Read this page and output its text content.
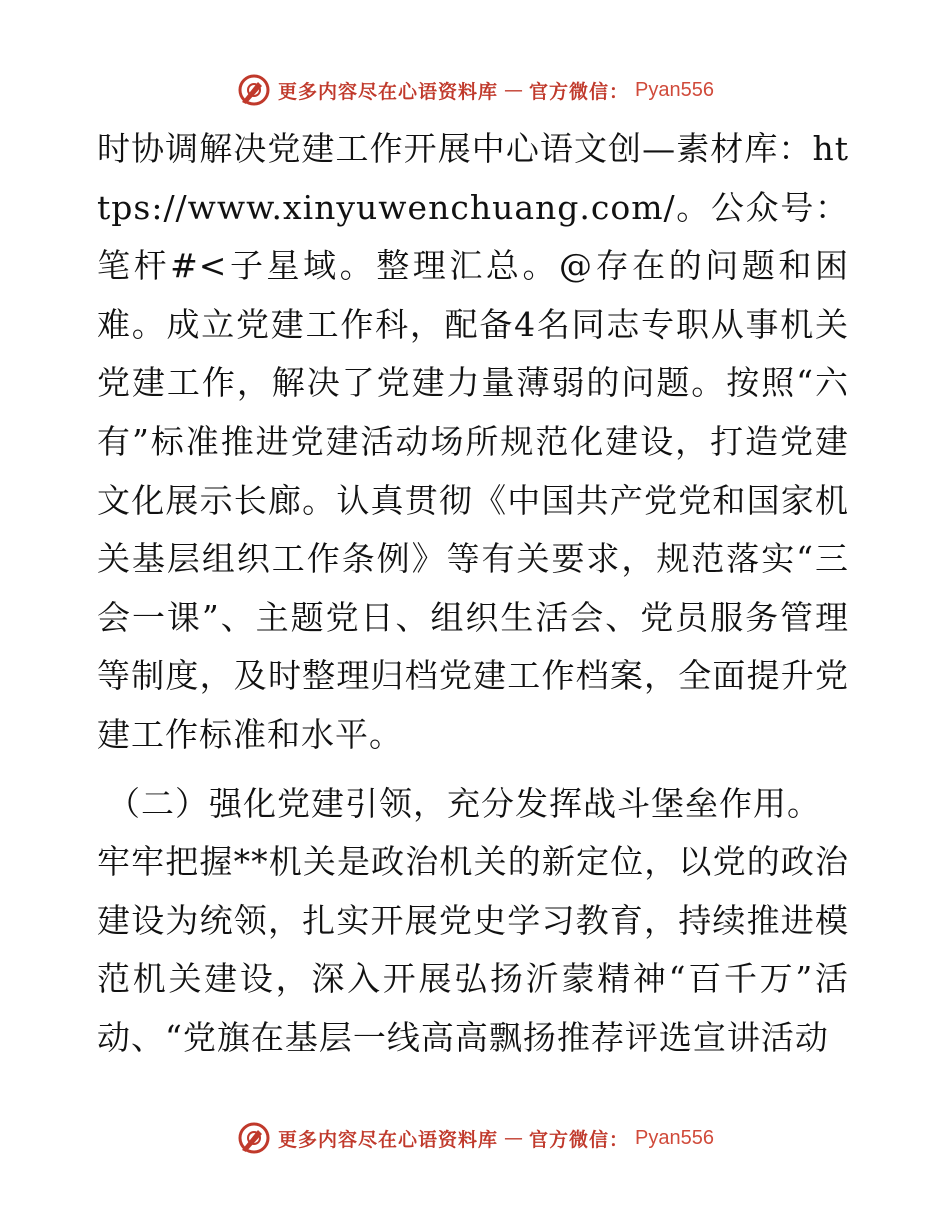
更多内容尽在心语资料库 — 官方微信： Pyan556

时协调解决党建工作开展中心语文创—素材库：https://www.xinyuwenchuang.com/。公众号：笔杆#<子星域。整理汇总。@存在的问题和困难。成立党建工作科，配备4名同志专职从事机关党建工作，解决了党建力量薄弱的问题。按照“六有”标准推进党建活动场所规范化建设，打造党建文化展示长廊。认真贯彻《中国共产党党和国家机关基层组织工作条例》等有关要求，规范落实“三会一课”、主题党日、组织生活会、党员服务管理等制度，及时整理归档党建工作档案，全面提升党建工作标准和水平。

（二）强化党建引领，充分发挥战斗堡垒作用。

牢牢把握**机关是政治机关的新定位，以党的政治建设为统领，扎实开展党史学习教育，持续推进模范机关建设，深入开展弘扬沂蒙精神“百千万”活动、“党旗在基层一线高高飘扬推荐评选宣讲活动

更多内容尽在心语资料库 — 官方微信： Pyan556
